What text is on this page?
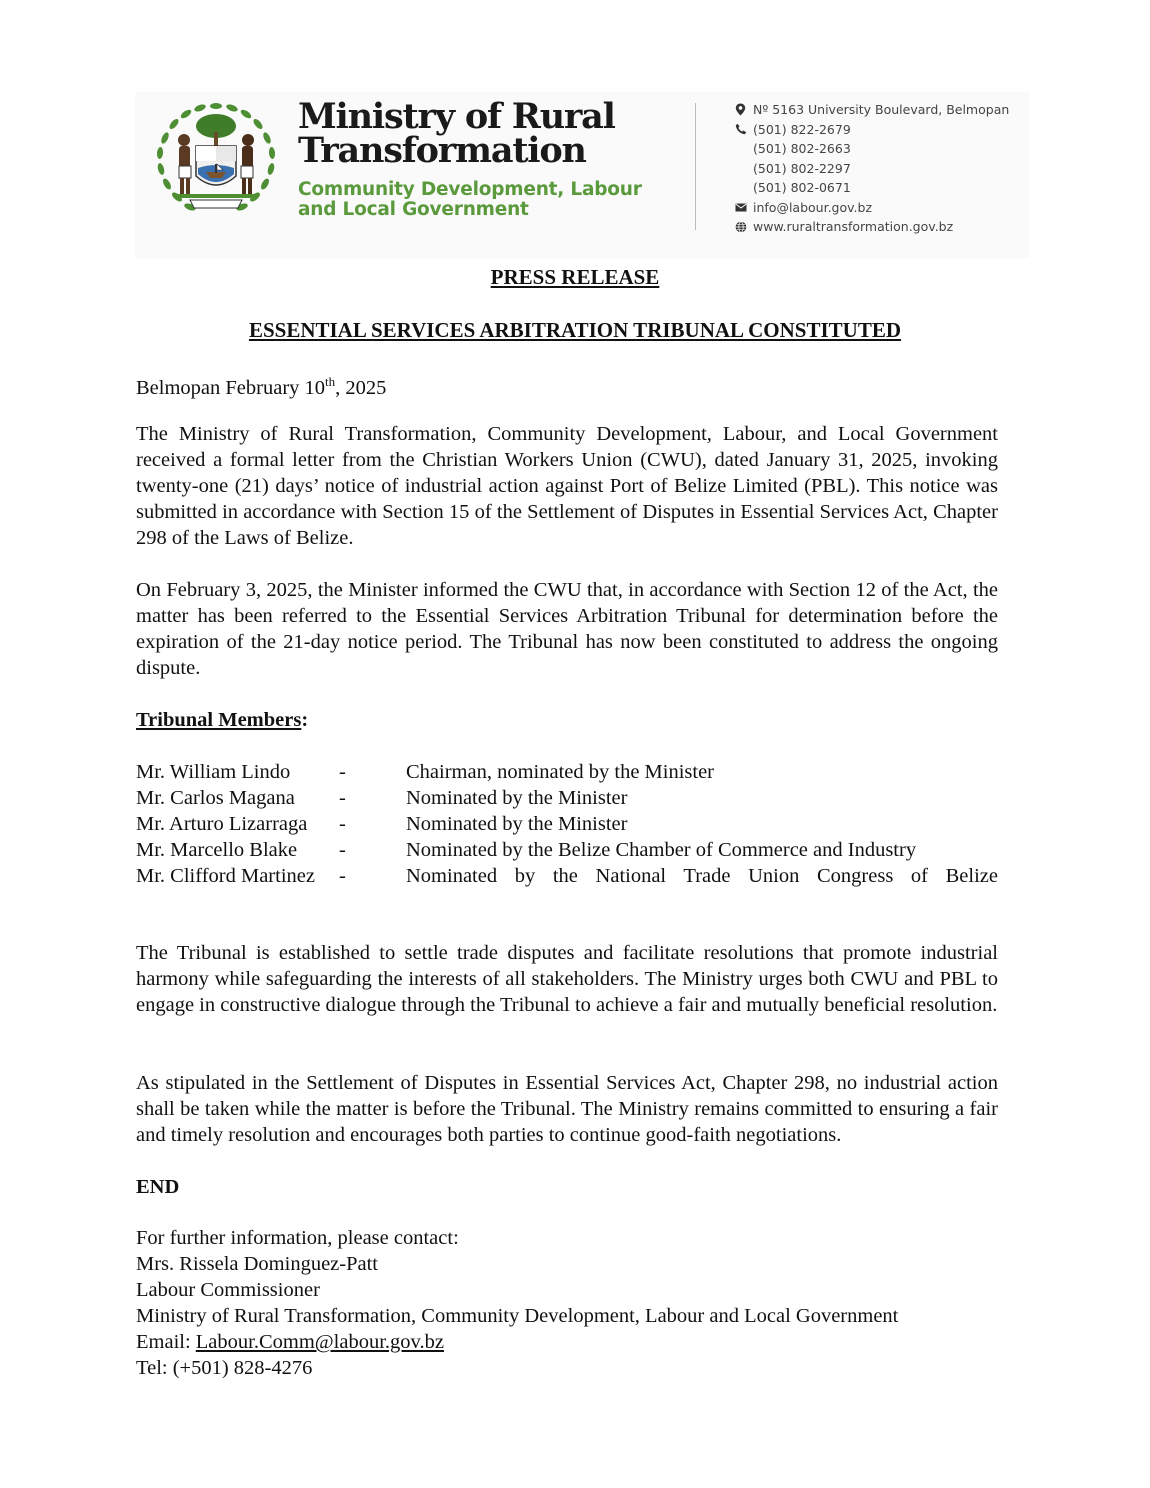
Ministry of Rural
Transformation
Community Development, Labour
and Local Government
Nº 5163 University Boulevard, Belmopan
(501) 822-2679
(501) 802-2663
(501) 802-2297
(501) 802-0671
info@labour.gov.bz
www.ruraltransformation.gov.bz
PRESS RELEASE
ESSENTIAL SERVICES ARBITRATION TRIBUNAL CONSTITUTED
Belmopan February 10th, 2025
The Ministry of Rural Transformation, Community Development, Labour, and Local Government received a formal letter from the Christian Workers Union (CWU), dated January 31, 2025, invoking twenty-one (21) days’ notice of industrial action against Port of Belize Limited (PBL). This notice was submitted in accordance with Section 15 of the Settlement of Disputes in Essential Services Act, Chapter 298 of the Laws of Belize.
On February 3, 2025, the Minister informed the CWU that, in accordance with Section 12 of the Act, the matter has been referred to the Essential Services Arbitration Tribunal for determination before the expiration of the 21-day notice period. The Tribunal has now been constituted to address the ongoing dispute.
Tribunal Members:
Mr. William Lindo -	Chairman, nominated by the Minister
Mr. Carlos Magana -	Nominated by the Minister
Mr. Arturo Lizarraga -	Nominated by the Minister
Mr. Marcello Blake -	Nominated by the Belize Chamber of Commerce and Industry
Mr. Clifford Martinez -	Nominated by the National Trade Union Congress of Belize
The Tribunal is established to settle trade disputes and facilitate resolutions that promote industrial harmony while safeguarding the interests of all stakeholders. The Ministry urges both CWU and PBL to engage in constructive dialogue through the Tribunal to achieve a fair and mutually beneficial resolution.
As stipulated in the Settlement of Disputes in Essential Services Act, Chapter 298, no industrial action shall be taken while the matter is before the Tribunal. The Ministry remains committed to ensuring a fair and timely resolution and encourages both parties to continue good-faith negotiations.
END
For further information, please contact:
Mrs. Rissela Dominguez-Patt
Labour Commissioner
Ministry of Rural Transformation, Community Development, Labour and Local Government
Email: Labour.Comm@labour.gov.bz
Tel: (+501) 828-4276
